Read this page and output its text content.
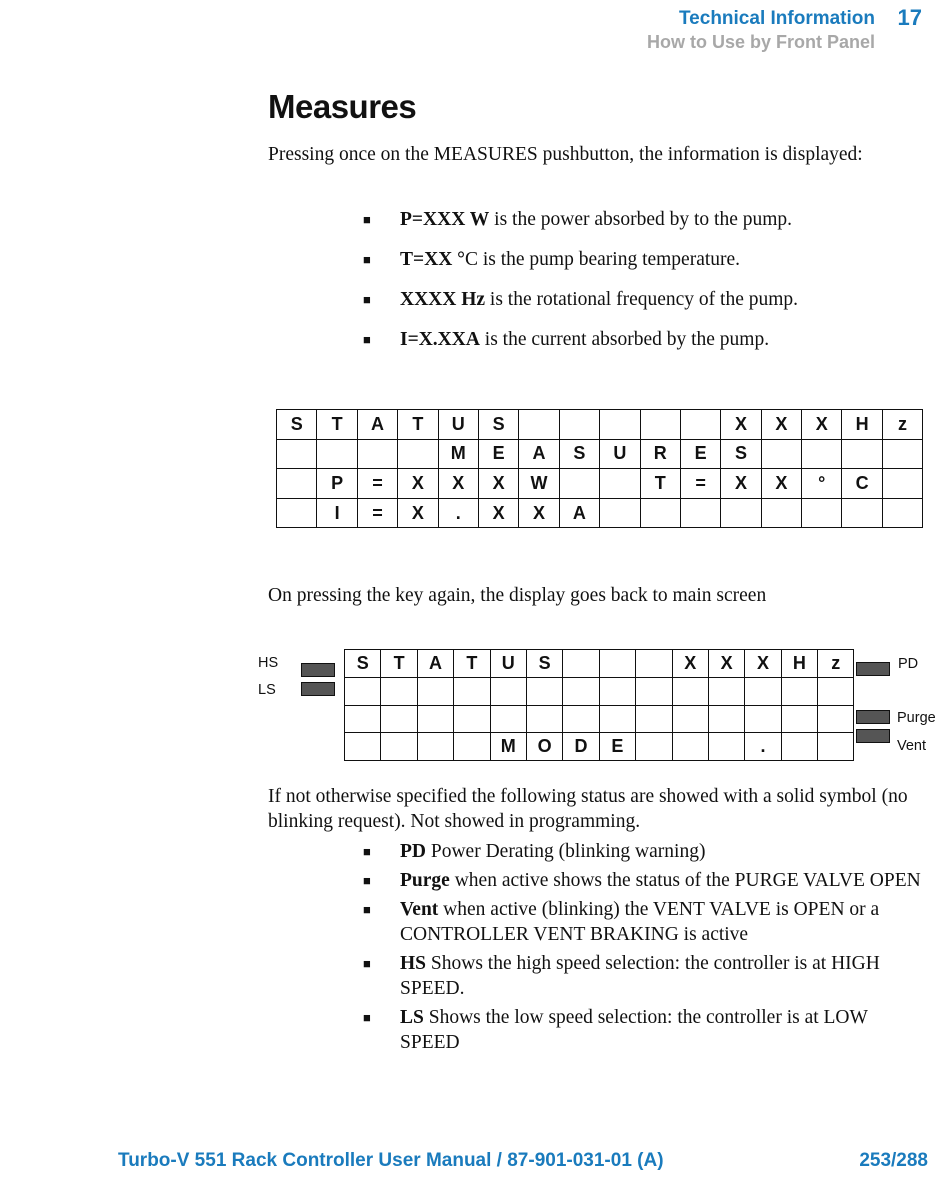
Technical Information 17
How to Use by Front Panel
Measures
Pressing once on the MEASURES pushbutton, the information is displayed:
■ P=XXX W is the power absorbed by to the pump.
■ T=XX °C is the pump bearing temperature.
■ XXXX Hz is the rotational frequency of the pump.
■ I=X.XXA is the current absorbed by the pump.
S	T	A	T	U	S						X	X	X	H	z
				M	E	A	S	U	R	E	S				
	P	=	X	X	X	W			T	=	X	X	°	C	
	I	=	X	.	X	X	A								
On pressing the key again, the display goes back to main screen
HS
LS
S	T	A	T	U	S				X	X	X	H	z

				M	O	D	E				.		
PD
Purge
Vent
If not otherwise specified the following status are showed with a solid symbol (no blinking request). Not showed in programming.
■ PD Power Derating (blinking warning)
■ Purge when active shows the status of the PURGE VALVE OPEN
■ Vent when active (blinking) the VENT VALVE is OPEN or a CONTROLLER VENT BRAKING is active
■ HS Shows the high speed selection: the controller is at HIGH SPEED.
■ LS Shows the low speed selection: the controller is at LOW SPEED
Turbo-V 551 Rack Controller User Manual / 87-901-031-01 (A)	253/288
